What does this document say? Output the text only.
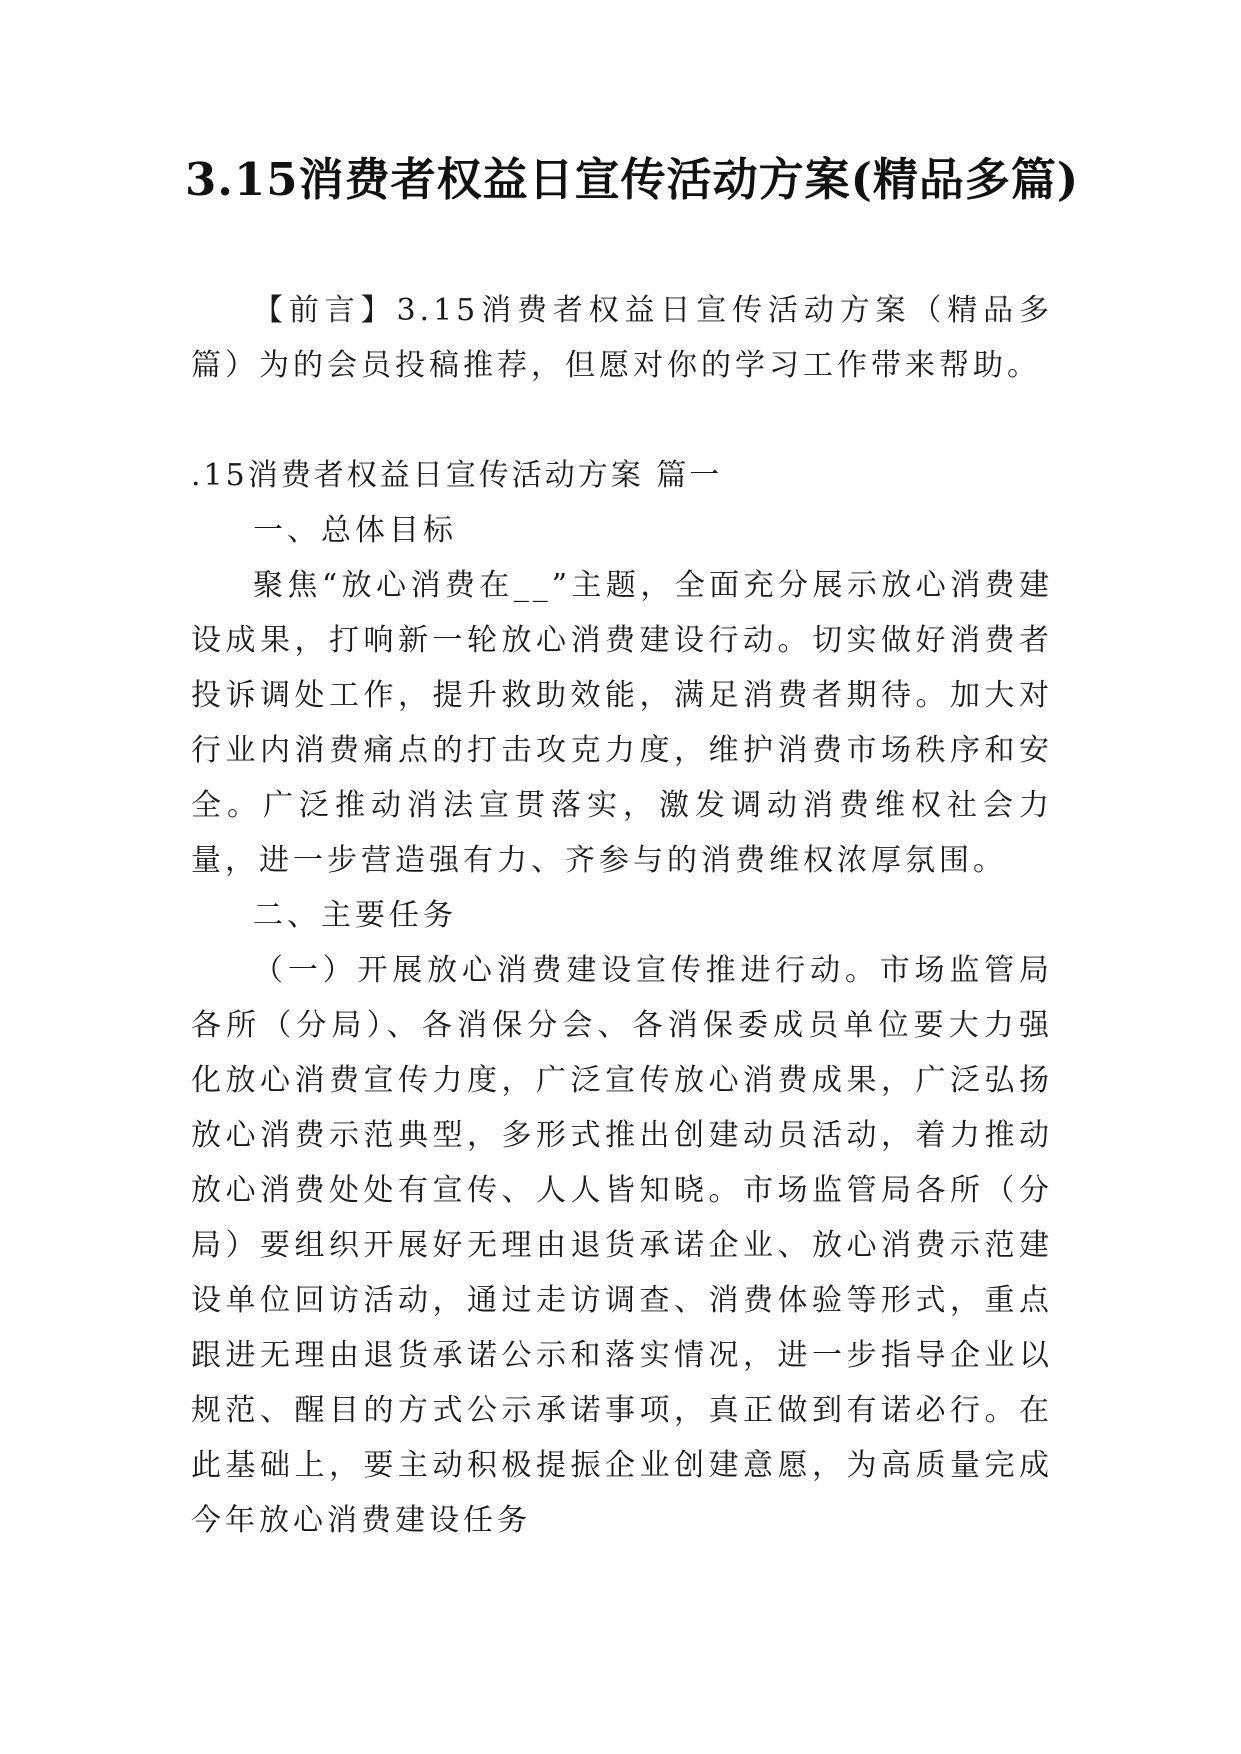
3.15消费者权益日宣传活动方案(精品多篇)

【前言】3.15消费者权益日宣传活动方案（精品多篇）为的会员投稿推荐，但愿对你的学习工作带来帮助。

.15消费者权益日宣传活动方案 篇一

一、总体目标

聚焦“放心消费在__”主题，全面充分展示放心消费建设成果，打响新一轮放心消费建设行动。切实做好消费者投诉调处工作，提升救助效能，满足消费者期待。加大对行业内消费痛点的打击攻克力度，维护消费市场秩序和安全。广泛推动消法宣贯落实，激发调动消费维权社会力量，进一步营造强有力、齐参与的消费维权浓厚氛围。

二、主要任务

（一）开展放心消费建设宣传推进行动。市场监管局各所（分局）、各消保分会、各消保委成员单位要大力强化放心消费宣传力度，广泛宣传放心消费成果，广泛弘扬放心消费示范典型，多形式推出创建动员活动，着力推动放心消费处处有宣传、人人皆知晓。市场监管局各所（分局）要组织开展好无理由退货承诺企业、放心消费示范建设单位回访活动，通过走访调查、消费体验等形式，重点跟进无理由退货承诺公示和落实情况，进一步指导企业以规范、醒目的方式公示承诺事项，真正做到有诺必行。在此基础上，要主动积极提振企业创建意愿，为高质量完成今年放心消费建设任务
